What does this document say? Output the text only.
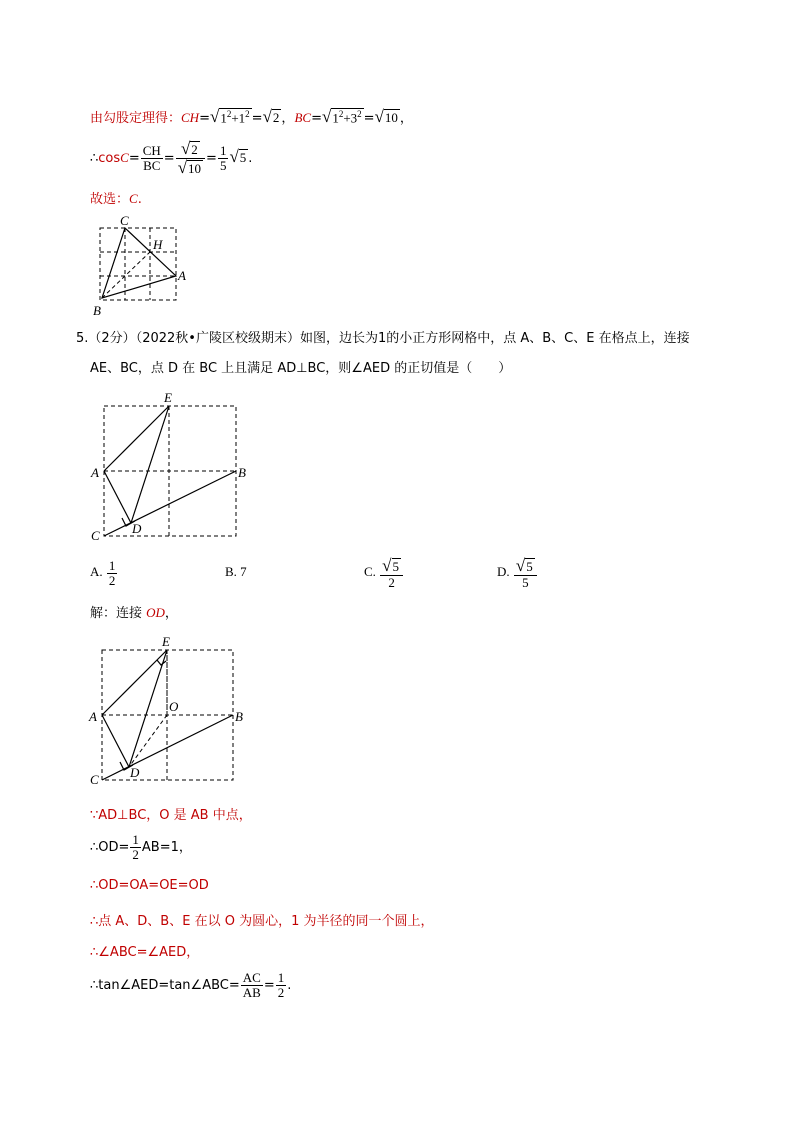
由勾股定理得：$CH=√1^2+1^2 =√2$ ，$BC=√1^2+3^2 =√10$ ，
∴cosC= $\frac{CH}{BC} = \frac{√2}{√10} = \frac{1}{5} √5$ .
故选：C.
C
H
A
B
5.（2分）（2022秋•广陵区校级期末）如图，边长为1的小正方形网格中，点 A、B、C、E 在格点上，连接
AE、BC，点 D 在 BC 上且满足 AD⊥BC，则∠AED 的正切值是（　　）
E
A	B
C D
A. $\frac{1}{2}$	B. 7	C. $\frac{√5}{2}$	D. $\frac{√5}{5}$
解：连接 OD，
E
A
O
B
C D
∵AD⊥BC，O 是 AB 中点，
∴OD= $\frac{1}{2} AB=1$，
∴OD=OA=OE=OD
∴点 A、D、B、E 在以 O 为圆心，1 为半径的同一个圆上，
∴∠ABC=∠AED，
∴tan∠AED=tan∠ABC= $\frac{AC}{AB} = \frac{1}{2}$ .
